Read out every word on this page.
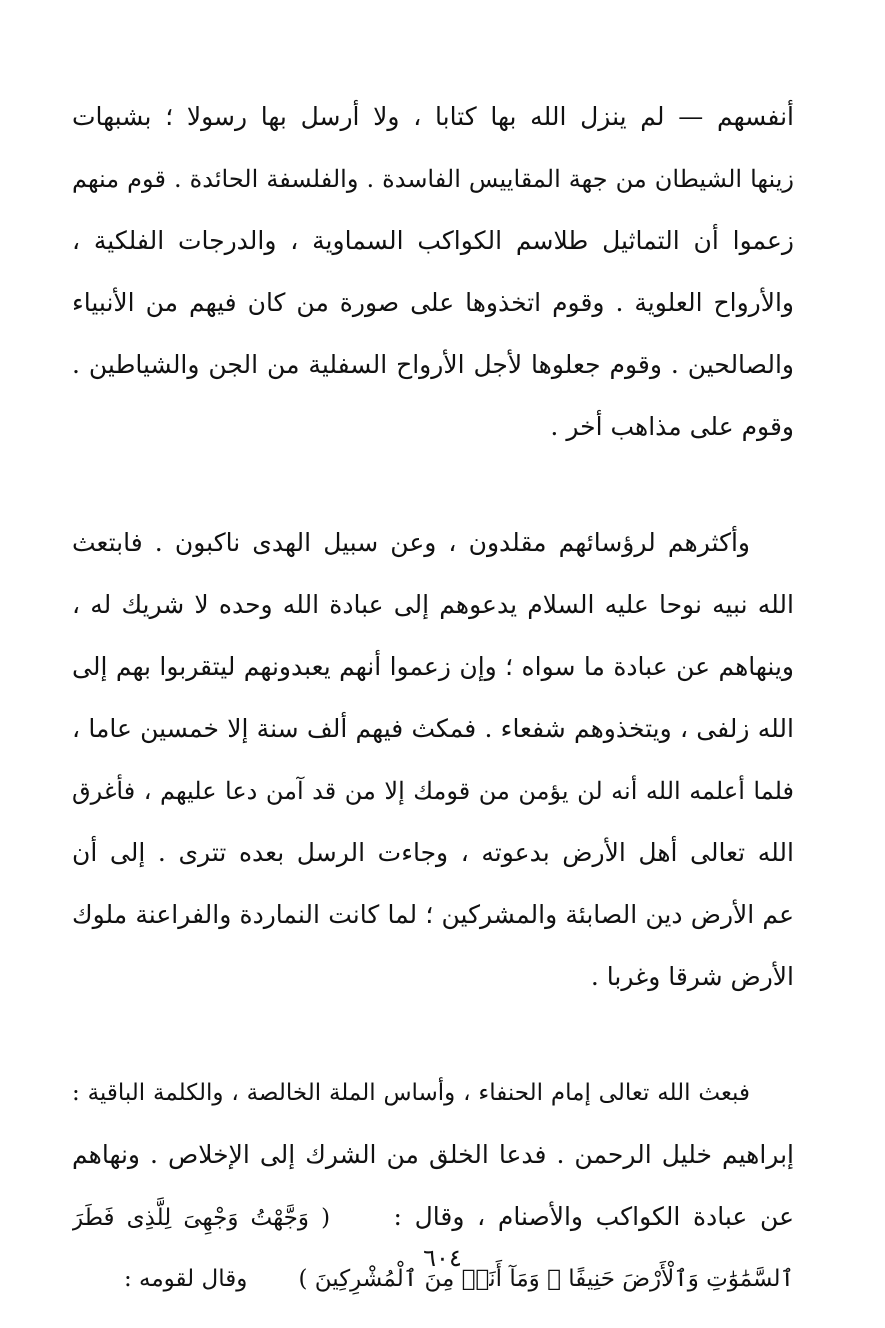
أنفسهم — لم ينزل الله بها كتابا ، ولا أرسل بها رسولا ؛ بشبهات
زينها الشيطان من جهة المقاييس الفاسدة . والفلسفة الحائدة . قوم منهم
زعموا أن التماثيل طلاسم الكواكب السماوية ، والدرجات الفلكية ،
والأرواح العلوية . وقوم اتخذوها على صورة من كان فيهم من الأنبياء
والصالحين . وقوم جعلوها لأجل الأرواح السفلية من الجن والشياطين .
وقوم على مذاهب أخر .
وأكثرهم لرؤسائهم مقلدون ، وعن سبيل الهدى ناكبون . فابتعث
الله نبيه نوحا عليه السلام يدعوهم إلى عبادة الله وحده لا شريك له ،
وينهاهم عن عبادة ما سواه ؛ وإن زعموا أنهم يعبدونهم ليتقربوا بهم إلى
الله زلفى ، ويتخذوهم شفعاء . فمكث فيهم ألف سنة إلا خمسين عاما ،
فلما أعلمه الله أنه لن يؤمن من قومك إلا من قد آمن دعا عليهم ، فأغرق
الله تعالى أهل الأرض بدعوته ، وجاءت الرسل بعده تترى . إلى أن
عم الأرض دين الصابئة والمشركين ؛ لما كانت النماردة والفراعنة ملوك
الأرض شرقا وغربا .
فبعث الله تعالى إمام الحنفاء ، وأساس الملة الخالصة ، والكلمة الباقية :
إبراهيم خليل الرحمن . فدعا الخلق من الشرك إلى الإخلاص . ونهاهم
عن عبادة الكواكب والأصنام ، وقال :     ( وَجَّهْتُ وَجْهِىَ لِلَّذِى فَطَرَ
ٱلسَّمَٰوَٰتِ وَٱلْأَرْضَ حَنِيفًا ۖ وَمَآ أَنَا۠ مِنَ ٱلْمُشْرِكِينَ )       وقال لقومه :
٦٠٤
